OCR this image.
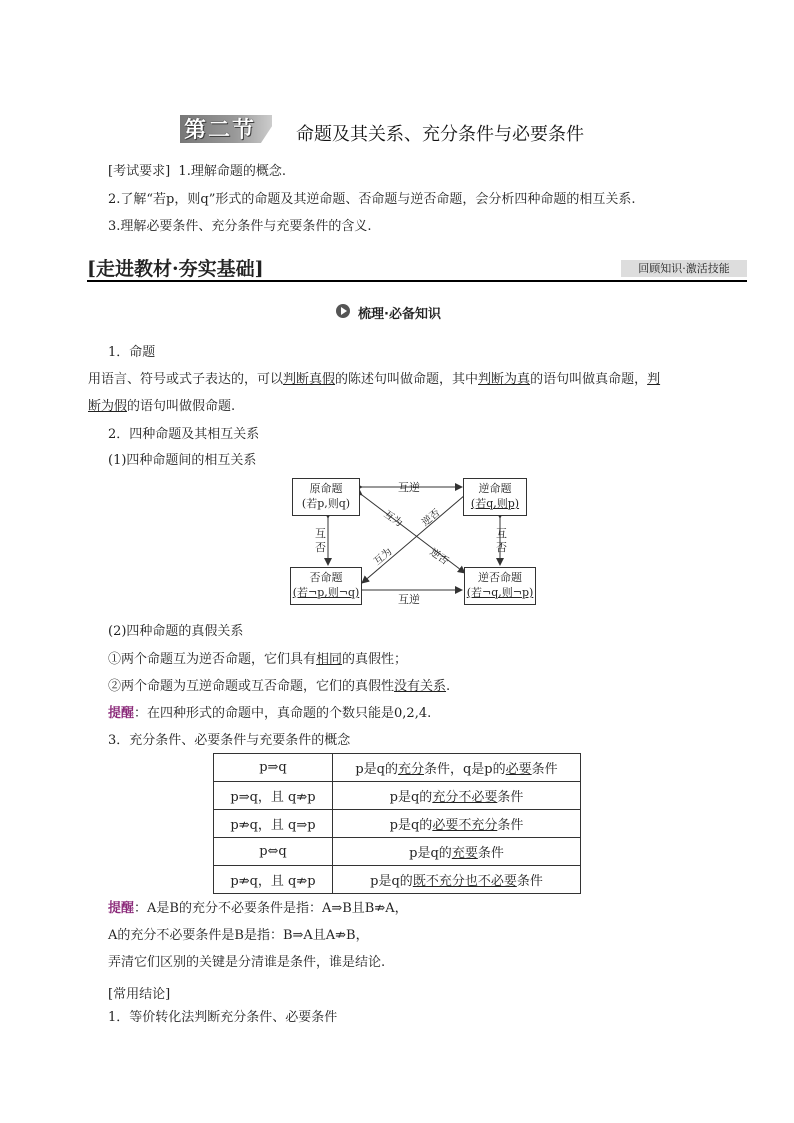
第二节 命题及其关系、充分条件与必要条件
[考试要求] 1.理解命题的概念.
2.了解“若p，则q”形式的命题及其逆命题、否命题与逆否命题，会分析四种命题的相互关系.
3.理解必要条件、充分条件与充要条件的含义.
[走进教材·夯实基础]	回顾知识·激活技能
梳理·必备知识
1．命题
用语言、符号或式子表达的，可以判断真假的陈述句叫做命题，其中判断为真的语句叫做真命题，判
断为假的语句叫做假命题.
2．四种命题及其相互关系
(1)四种命题间的相互关系
原命题
(若p,则q)
逆命题
(若q,则p)
否命题
(若¬p,则¬q)
逆否命题
(若¬q,则¬p)
互逆
互逆
互
否
互
否
互为 逆否
互为	逆否
(2)四种命题的真假关系
①两个命题互为逆否命题，它们具有相同的真假性；
②两个命题为互逆命题或互否命题，它们的真假性没有关系.
提醒：在四种形式的命题中，真命题的个数只能是0,2,4.
3．充分条件、必要条件与充要条件的概念
p⇒q	p是q的充分条件，q是p的必要条件
p⇒q，且 q⇏p	p是q的充分不必要条件
p⇏q，且 q⇒p	p是q的必要不充分条件
p⇔q	p是q的充要条件
p⇏q，且 q⇏p	p是q的既不充分也不必要条件
提醒：A是B的充分不必要条件是指：A⇒B且B⇏A，
A的充分不必要条件是B是指：B⇒A且A⇏B，
弄清它们区别的关键是分清谁是条件，谁是结论.
[常用结论]
1．等价转化法判断充分条件、必要条件
